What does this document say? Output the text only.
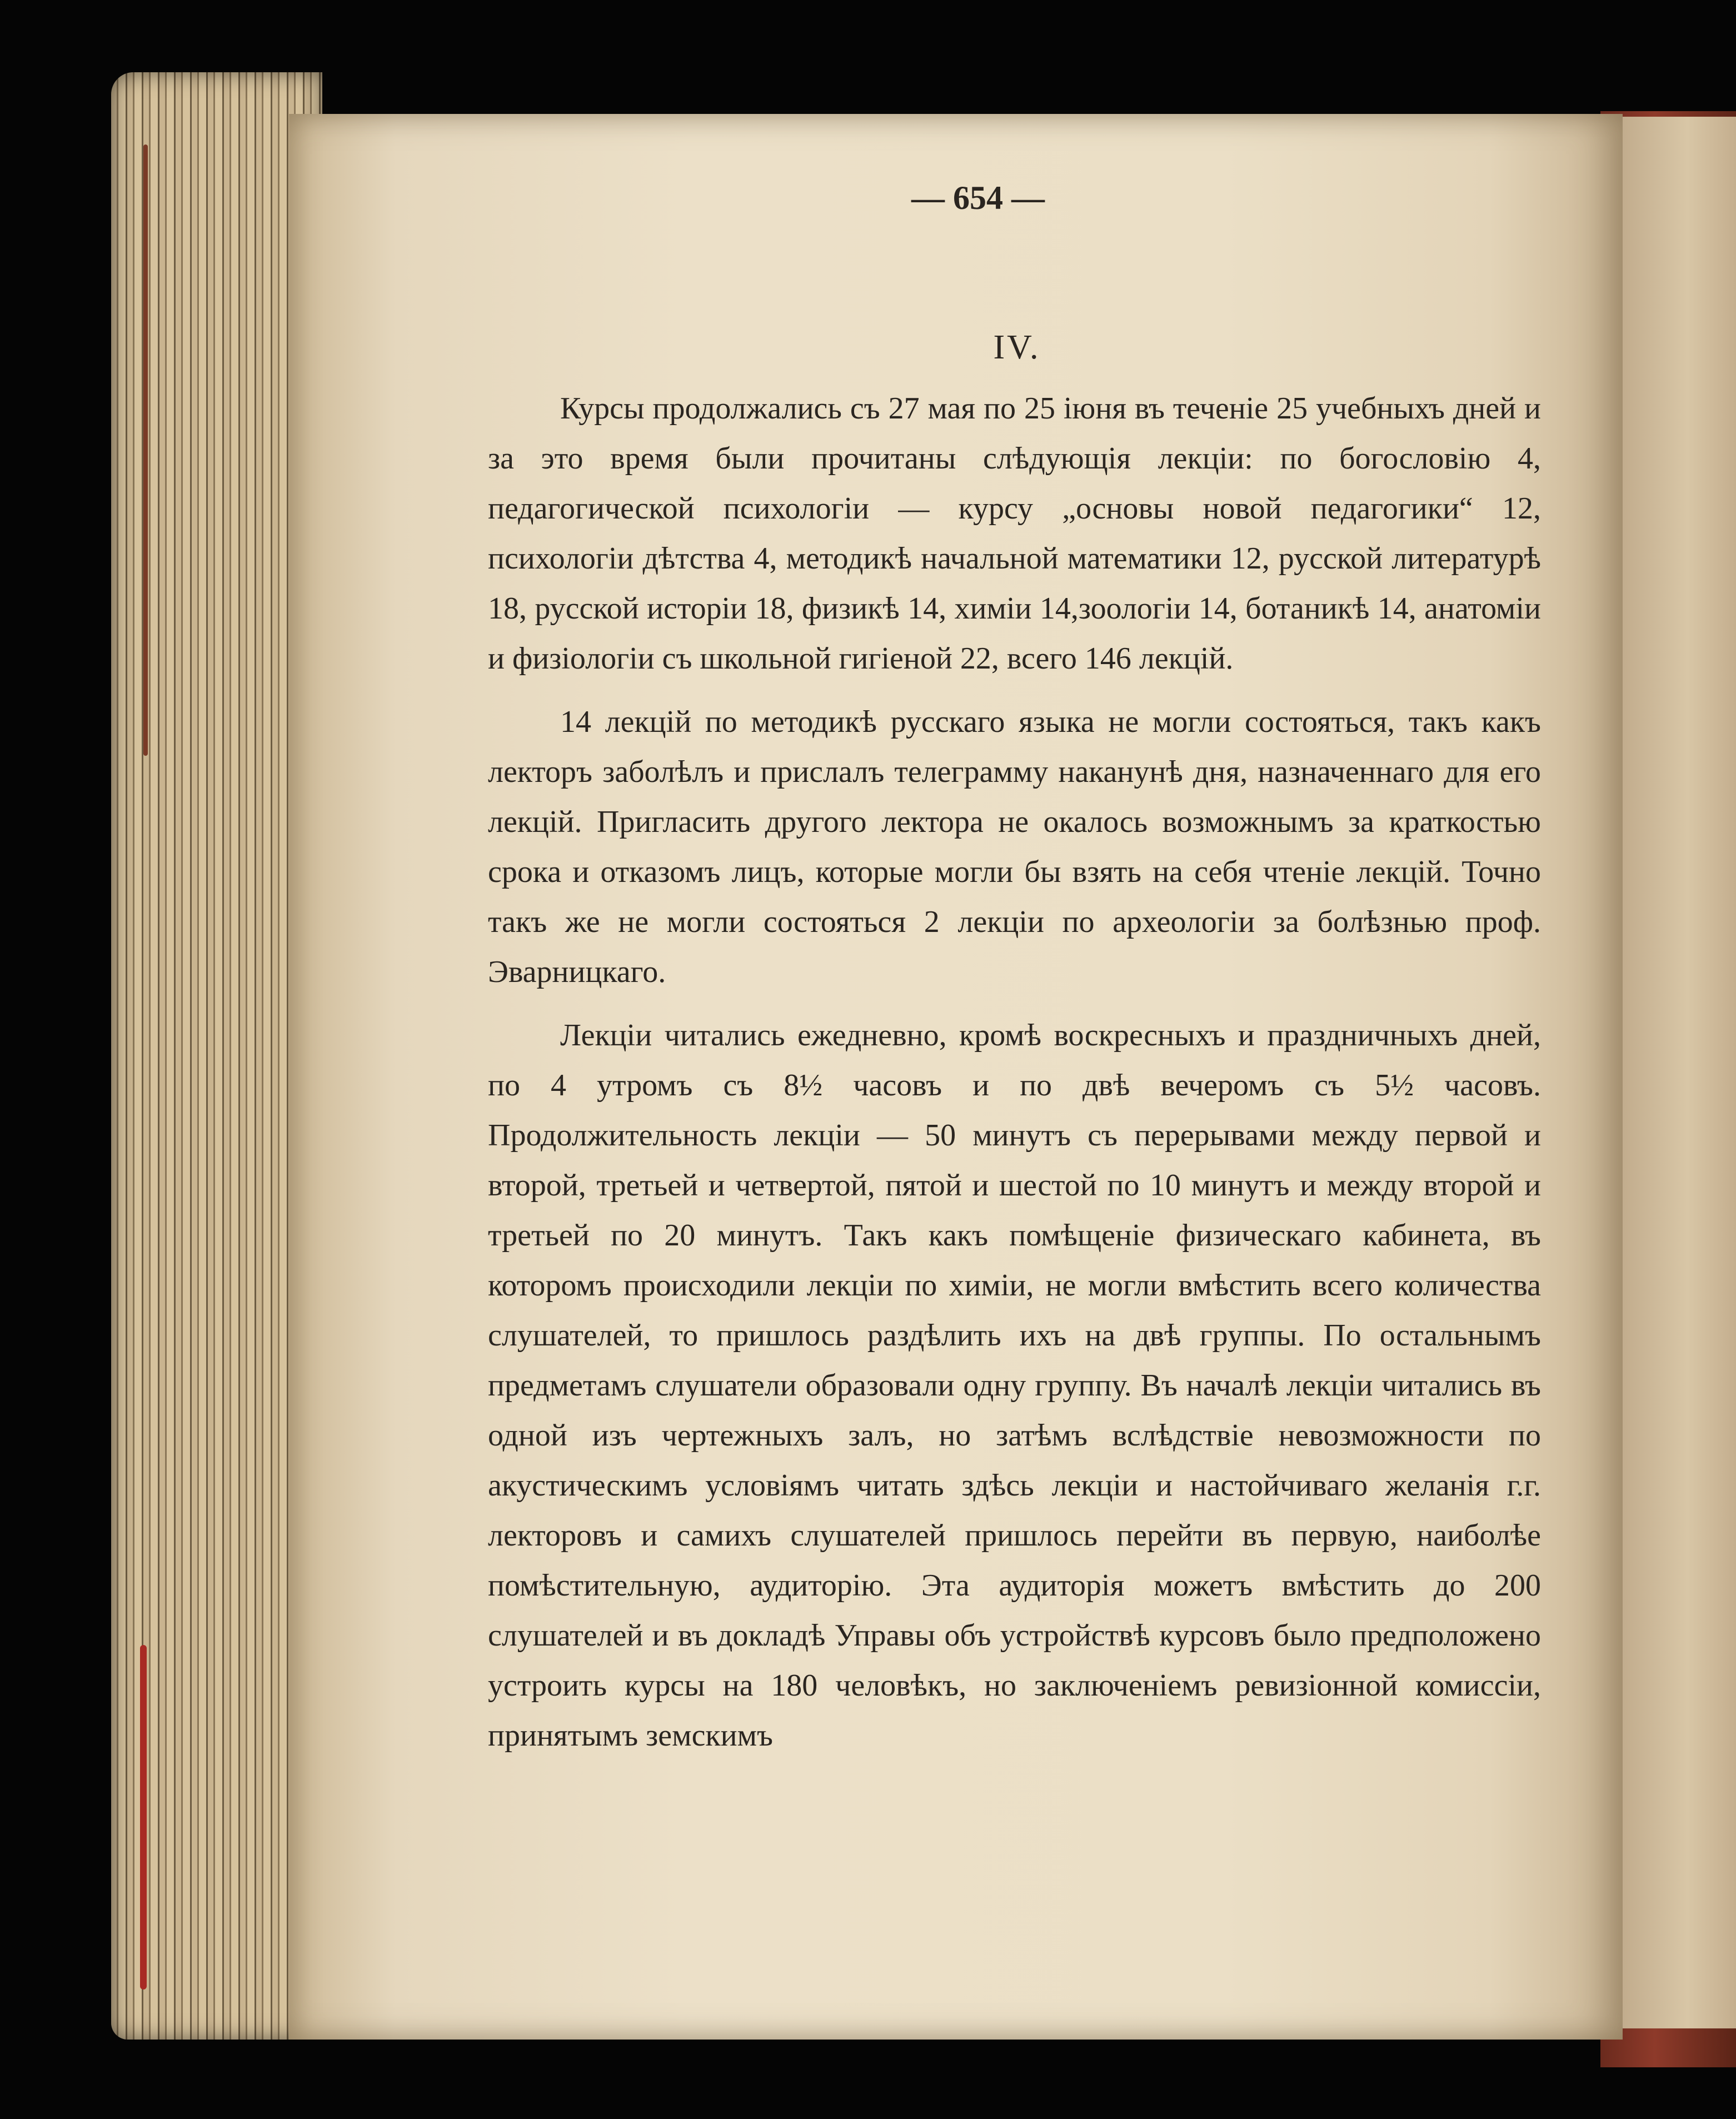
— 654 —
IV.

Курсы продолжались съ 27 мая по 25 іюня въ теченіе 25 учебныхъ дней и за это время были прочитаны слѣдующія лекціи: по богословію 4, педагогической психологіи — курсу „основы новой педагогики“ 12, психологіи дѣтства 4, методикѣ начальной математики 12, русской литературѣ 18, русской исторіи 18, физикѣ 14, химіи 14,зоологіи 14, ботаникѣ 14, анатоміи и физіологіи съ школьной гигіеной 22, всего 146 лекцій.

14 лекцій по методикѣ русскаго языка не могли состояться, такъ какъ лекторъ заболѣлъ и прислалъ телеграмму наканунѣ дня, назначеннаго для его лекцій. Пригласить другого лектора не окалось возможнымъ за краткостью срока и отказомъ лицъ, которые могли бы взять на себя чтеніе лекцій. Точно такъ же не могли состояться 2 лекціи по археологіи за болѣзнью проф. Эварницкаго.

Лекціи читались ежедневно, кромѣ воскресныхъ и праздничныхъ дней, по 4 утромъ съ 8½ часовъ и по двѣ вечеромъ съ 5½ часовъ. Продолжительность лекціи — 50 минутъ съ перерывами между первой и второй, третьей и четвертой, пятой и шестой по 10 минутъ и между второй и третьей по 20 минутъ. Такъ какъ помѣщеніе физическаго кабинета, въ которомъ происходили лекціи по химіи, не могли вмѣстить всего количества слушателей, то пришлось раздѣлить ихъ на двѣ группы. По остальнымъ предметамъ слушатели образовали одну группу. Въ началѣ лекціи читались въ одной изъ чертежныхъ залъ, но затѣмъ вслѣдствіе невозможности по акустическимъ условіямъ читать здѣсь лекціи и настойчиваго желанія г.г. лекторовъ и самихъ слушателей пришлось перейти въ первую, наиболѣе помѣстительную, аудиторію. Эта аудиторія можетъ вмѣстить до 200 слушателей и въ докладѣ Управы объ устройствѣ курсовъ было предположено устроить курсы на 180 человѣкъ, но заключеніемъ ревизіонной комиссіи, принятымъ земскимъ
